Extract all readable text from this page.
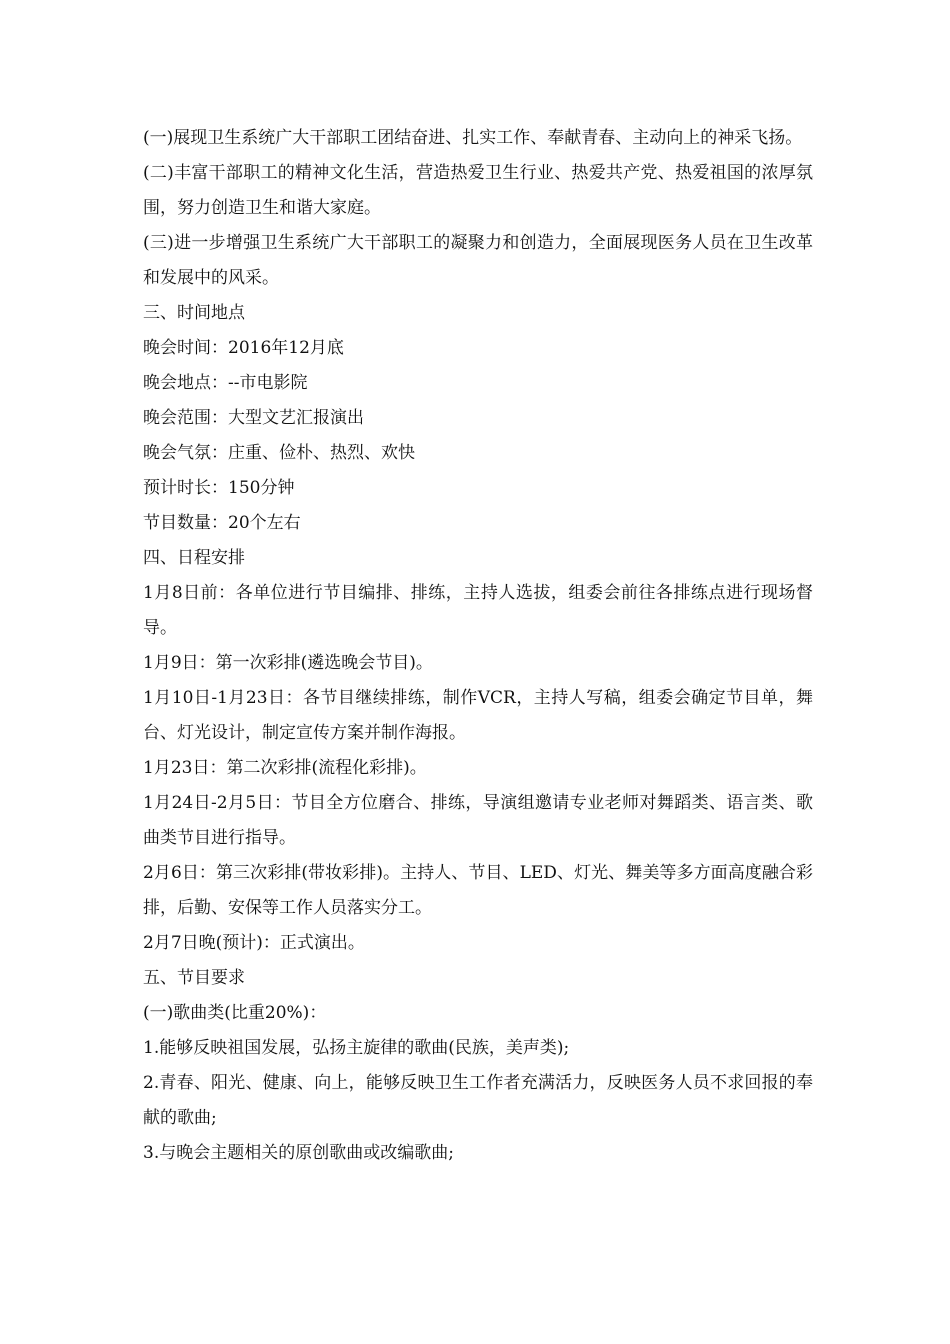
(一)展现卫生系统广大干部职工团结奋进、扎实工作、奉献青春、主动向上的神采飞扬。

(二)丰富干部职工的精神文化生活，营造热爱卫生行业、热爱共产党、热爱祖国的浓厚氛围，努力创造卫生和谐大家庭。

(三)进一步增强卫生系统广大干部职工的凝聚力和创造力，全面展现医务人员在卫生改革和发展中的风采。

三、时间地点

晚会时间：2016年12月底

晚会地点：--市电影院

晚会范围：大型文艺汇报演出

晚会气氛：庄重、俭朴、热烈、欢快

预计时长：150分钟

节目数量：20个左右

四、日程安排

1月8日前：各单位进行节目编排、排练，主持人选拔，组委会前往各排练点进行现场督导。

1月9日：第一次彩排(遴选晚会节目)。

1月10日-1月23日：各节目继续排练，制作VCR，主持人写稿，组委会确定节目单，舞台、灯光设计，制定宣传方案并制作海报。

1月23日：第二次彩排(流程化彩排)。

1月24日-2月5日：节目全方位磨合、排练，导演组邀请专业老师对舞蹈类、语言类、歌曲类节目进行指导。

2月6日：第三次彩排(带妆彩排)。主持人、节目、LED、灯光、舞美等多方面高度融合彩排，后勤、安保等工作人员落实分工。

2月7日晚(预计)：正式演出。

五、节目要求

(一)歌曲类(比重20%)：

1.能够反映祖国发展，弘扬主旋律的歌曲(民族，美声类);

2.青春、阳光、健康、向上，能够反映卫生工作者充满活力，反映医务人员不求回报的奉献的歌曲;

3.与晚会主题相关的原创歌曲或改编歌曲;
